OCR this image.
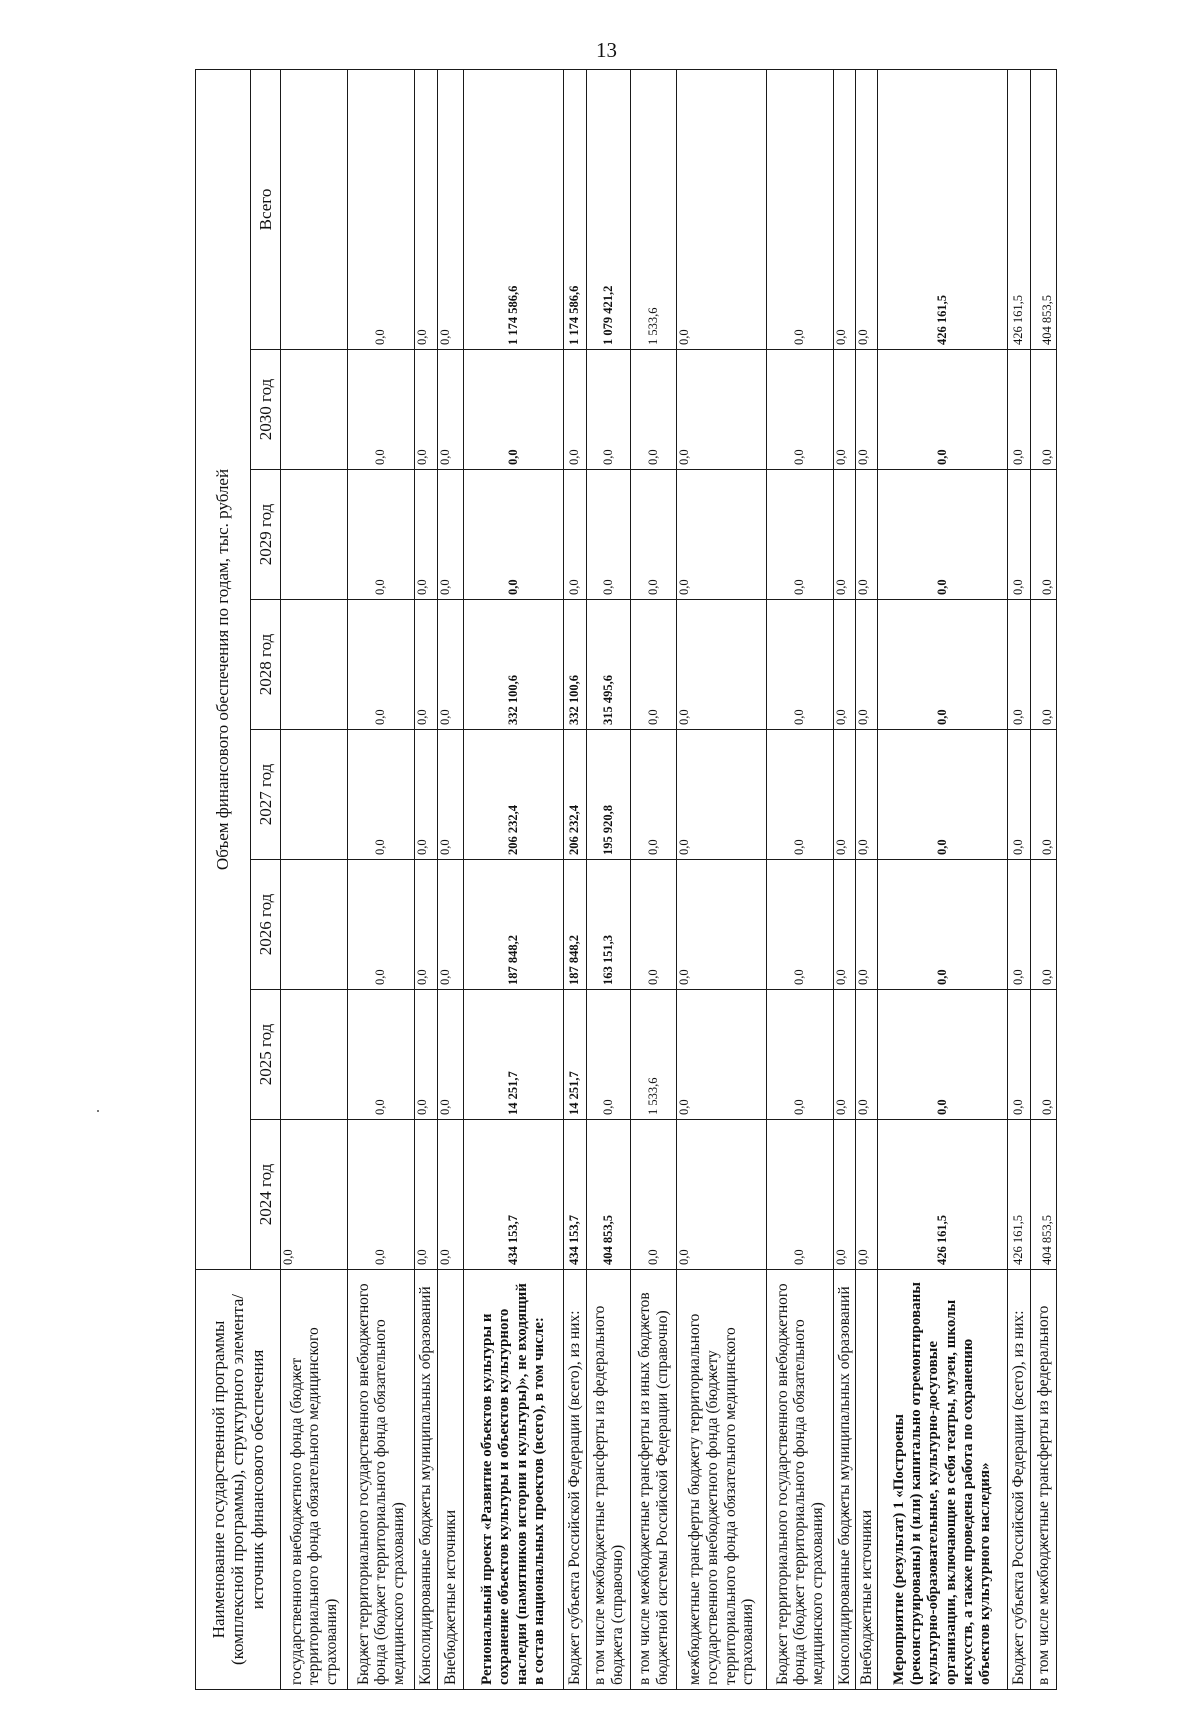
13
Наименование государственной программы (комплексной программы), структурного элемента/источник финансового обеспечения	Объем финансового обеспечения по годам, тыс. рублей							
	2024 год	2025 год	2026 год	2027 год	2028 год	2029 год	2030 год	Всего
государственного внебюджетного фонда (бюджет территориального фонда обязательного медицинского страхования)	0,0							
Бюджет территориального государственного внебюджетного фонда (бюджет территориального фонда обязательного медицинского страхования)	0,0	0,0	0,0	0,0	0,0	0,0	0,0	0,0
Консолидированные бюджеты муниципальных образований	0,0	0,0	0,0	0,0	0,0	0,0	0,0	0,0
Внебюджетные источники	0,0	0,0	0,0	0,0	0,0	0,0	0,0	0,0
Региональный проект «Развитие объектов культуры и сохранение объектов культуры и объектов культурного наследия (памятников истории и культуры)», не входящий в состав национальных проектов (всего), в том числе:	434 153,7	14 251,7	187 848,2	206 232,4	332 100,6	0,0	0,0	1 174 586,6
Бюджет субъекта Российской Федерации (всего), из них:	434 153,7	14 251,7	187 848,2	206 232,4	332 100,6	0,0	0,0	1 174 586,6
в том числе межбюджетные трансферты из федерального бюджета (справочно)	404 853,5	0,0	163 151,3	195 920,8	315 495,6	0,0	0,0	1 079 421,2
в том числе межбюджетные трансферты из иных бюджетов бюджетной системы Российской Федерации (справочно)	0,0	1 533,6	0,0	0,0	0,0	0,0	0,0	1 533,6
межбюджетные трансферты бюджету территориального государственного внебюджетного фонда (бюджету территориального фонда обязательного медицинского страхования)	0,0	0,0	0,0	0,0	0,0	0,0	0,0	0,0
Бюджет территориального государственного внебюджетного фонда (бюджет территориального фонда обязательного медицинского страхования)	0,0	0,0	0,0	0,0	0,0	0,0	0,0	0,0
Консолидированные бюджеты муниципальных образований	0,0	0,0	0,0	0,0	0,0	0,0	0,0	0,0
Внебюджетные источники	0,0	0,0	0,0	0,0	0,0	0,0	0,0	0,0
Мероприятие (результат) 1 «Построены (реконструированы) и (или) капитально отремонтированы культурно-образовательные, культурно-досуговые организации, включающие в себя театры, музеи, школы искусств, а также проведена работа по сохранению объектов культурного наследия»	426 161,5	0,0	0,0	0,0	0,0	0,0	0,0	426 161,5
Бюджет субъекта Российской Федерации (всего), из них:	426 161,5	0,0	0,0	0,0	0,0	0,0	0,0	426 161,5
в том числе межбюджетные трансферты из федерального	404 853,5	0,0	0,0	0,0	0,0	0,0	0,0	404 853,5
